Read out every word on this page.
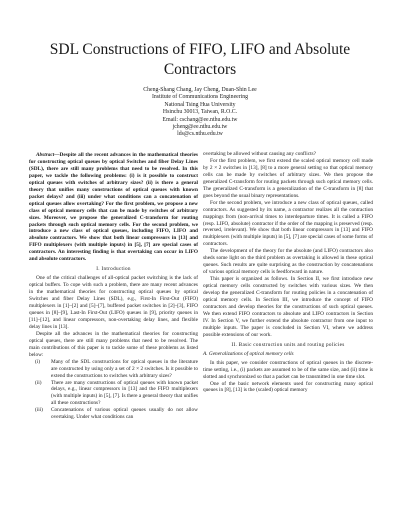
SDL Constructions of FIFO, LIFO and Absolute Contractors
Cheng-Shang Chang, Jay Cheng, Duan-Shin Lee
Institute of Communications Engineering
National Tsing Hua University
Hsinchu 30013, Taiwan, R.O.C.
Email: cschang@ee.nthu.edu.tw
jcheng@ee.nthu.edu.tw
lds@cs.nthu.edu.tw

Abstract—Despite all the recent advances in the mathematical theories for constructing optical queues by optical Switches and fiber Delay Lines (SDL), there are still many problems that need to be resolved. In this paper, we tackle the following problems: (i) is it possible to construct optical queues with switches of arbitrary sizes? (ii) is there a general theory that unifies many constructions of optical queues with known packet delays? and (iii) under what conditions can a concatenation of optical queues allow overtaking? For the first problem, we propose a new class of optical memory cells that can be made by switches of arbitrary sizes. Moreover, we propose the generalized C-transform for routing packets through such optical memory cells. For the second problem, we introduce a new class of optical queues, including FIFO, LIFO and absolute contractors. We show that both linear compressors in [13] and FIFO multiplexers (with multiple inputs) in [5], [7] are special cases of contractors. An interesting finding is that overtaking can occur in LIFO and absolute contractors.

I. Introduction

One of the critical challenges of all-optical packet switching is the lack of optical buffers. To cope with such a problem, there are many recent advances in the mathematical theories for constructing optical queues by optical Switches and fiber Delay Lines (SDL), e.g., First-In First-Out (FIFO) multiplexers in [1]–[2] and [5]–[7], buffered packet switches in [2]–[3], FIFO queues in [8]–[9], Last-In First-Out (LIFO) queues in [9], priority queues in [11]–[12], and linear compressors, non-overtaking delay lines, and flexible delay lines in [13].

Despite all the advances in the mathematical theories for constructing optical queues, there are still many problems that need to be resolved. The main contributions of this paper is to tackle some of these problems as listed below:

(i)	Many of the SDL constructions for optical queues in the literature are constructed by using only a set of 2 × 2 switches. Is it possible to extend the constructions to switches with arbitrary sizes?
(ii)	There are many constructions of optical queues with known packet delays, e.g., linear compressors in [13] and the FIFO multiplexers (with multiple inputs) in [5], [7]. Is there a general theory that unifies all these constructions?
(iii)	Concatenations of various optical queues usually do not allow overtaking. Under what conditions can

overtaking be allowed without causing any conflicts?

For the first problem, we first extend the scaled optical memory cell made by 2 × 2 switches in [13], [8] to a more general setting so that optical memory cells can be made by switches of arbitrary sizes. We then propose the generalized C-transform for routing packets through such optical memory cells. The generalized C-transform is a generalization of the C-transform in [8] that goes beyond the usual binary representations.

For the second problem, we introduce a new class of optical queues, called contractors. As suggested by its name, a contractor realizes all the contraction mappings from (non-arrival times to interdeparture times. It is called a FIFO (resp. LIFO, absolute) contractor if the order of the mapping is preserved (resp. reversed, irrelevant). We show that both linear compressors in [13] and FIFO multiplexers (with multiple inputs) in [5], [7] are special cases of some forms of contractors.

The development of the theory for the absolute (and LIFO) contractors also sheds some light on the third problem as overtaking is allowed in these optical queues. Such results are quite surprising as the construction by concatenations of various optical memory cells is feedforward in nature.

This paper is organized as follows. In Section II, we first introduce new optical memory cells constructed by switches with various sizes. We then develop the generalized C-transform for routing policies in a concatenation of optical memory cells. In Section III, we introduce the concept of FIFO contractors and develop theories for the constructions of such optical queues. We then extend FIFO contractors to absolute and LIFO contractors in Section IV. In Section V, we further extend the absolute contractor from one input to multiple inputs. The paper is concluded in Section VI, where we address possible extensions of our work.

II. Basic construction units and routing policies
A. Generalizations of optical memory cells

In this paper, we consider constructions of optical queues in the discrete-time setting, i.e., (i) packets are assumed to be of the same size, and (ii) time is slotted and synchronized so that a packet can be transmitted in one time slot.

One of the basic network elements used for constructing many optical queues in [8], [13] is the (scaled) optical memory
